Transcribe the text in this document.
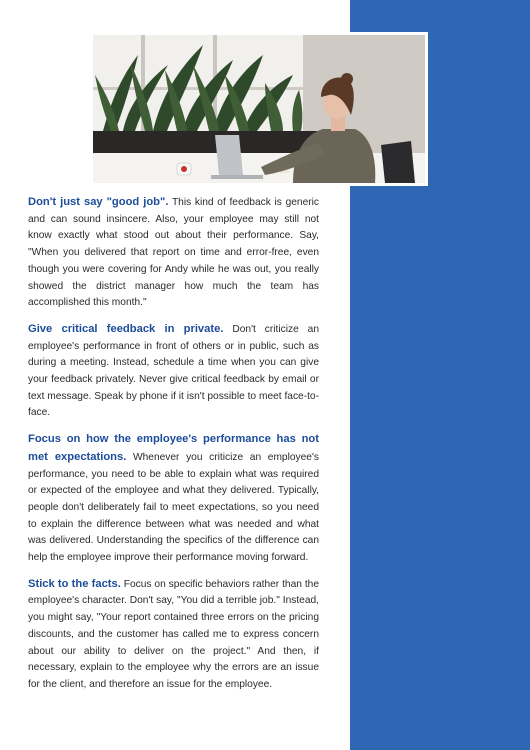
Don't just say "good job". This kind of feedback is generic and can sound insincere. Also, your employee may still not know exactly what stood out about their performance. Say, "When you delivered that report on time and error-free, even though you were covering for Andy while he was out, you really showed the district manager how much the team has accomplished this month."

Give critical feedback in private. Don't criticize an employee's performance in front of others or in public, such as during a meeting. Instead, schedule a time when you can give your feedback privately. Never give critical feedback by email or text message. Speak by phone if it isn't possible to meet face-to-face.

Focus on how the employee's performance has not met expectations. Whenever you criticize an employee's performance, you need to be able to explain what was required or expected of the employee and what they delivered. Typically, people don't deliberately fail to meet expectations, so you need to explain the difference between what was needed and what was delivered. Understanding the specifics of the difference can help the employee improve their performance moving forward.

Stick to the facts. Focus on specific behaviors rather than the employee's character. Don't say, "You did a terrible job." Instead, you might say, "Your report contained three errors on the pricing discounts, and the customer has called me to express concern about our ability to deliver on the project." And then, if necessary, explain to the employee why the errors are an issue for the client, and therefore an issue for the employee.
